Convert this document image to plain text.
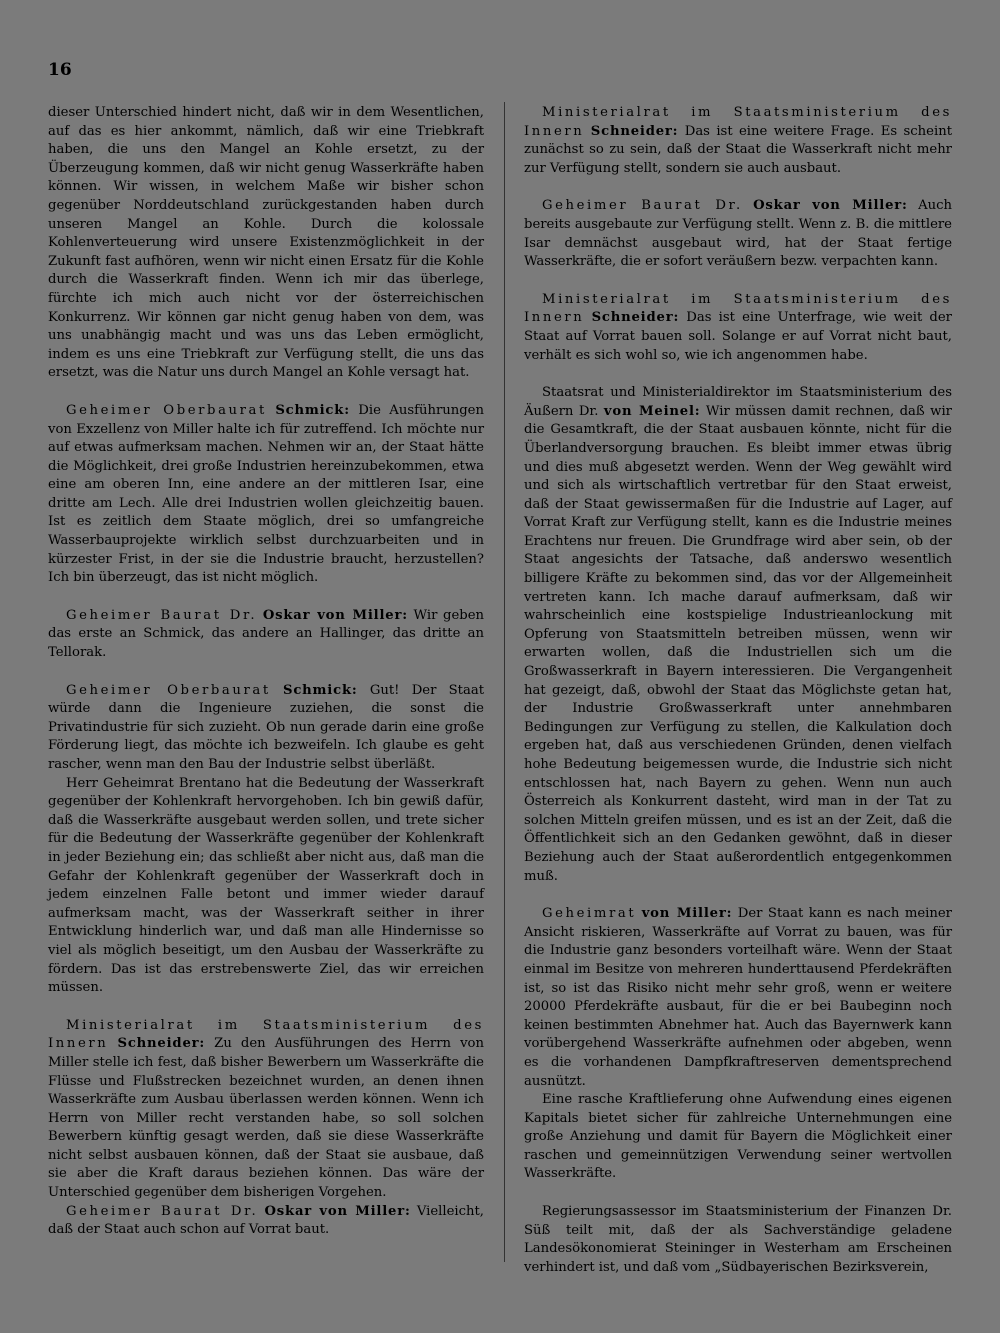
16

dieser Unterschied hindert nicht, daß wir in dem Wesentlichen, auf das es hier ankommt, nämlich, daß wir eine Triebkraft haben, die uns den Mangel an Kohle ersetzt, zu der Überzeugung kommen, daß wir nicht genug Wasserkräfte haben können. Wir wissen, in welchem Maße wir bisher schon gegenüber Norddeutschland zurückgestanden haben durch unseren Mangel an Kohle. Durch die kolossale Kohlenverteuerung wird unsere Existenzmöglichkeit in der Zukunft fast aufhören, wenn wir nicht einen Ersatz für die Kohle durch die Wasserkraft finden. Wenn ich mir das überlege, fürchte ich mich auch nicht vor der österreichischen Konkurrenz. Wir können gar nicht genug haben von dem, was uns unabhängig macht und was uns das Leben ermöglicht, indem es uns eine Triebkraft zur Verfügung stellt, die uns das ersetzt, was die Natur uns durch Mangel an Kohle versagt hat.

Geheimer Oberbaurat Schmick: Die Ausführungen von Exzellenz von Miller halte ich für zutreffend. Ich möchte nur auf etwas aufmerksam machen. Nehmen wir an, der Staat hätte die Möglichkeit, drei große Industrien hereinzubekommen, etwa eine am oberen Inn, eine andere an der mittleren Isar, eine dritte am Lech. Alle drei Industrien wollen gleichzeitig bauen. Ist es zeitlich dem Staate möglich, drei so umfangreiche Wasserbauprojekte wirklich selbst durchzuarbeiten und in kürzester Frist, in der sie die Industrie braucht, herzustellen? Ich bin überzeugt, das ist nicht möglich.

Geheimer Baurat Dr. Oskar von Miller: Wir geben das erste an Schmick, das andere an Hallinger, das dritte an Tellorak.

Geheimer Oberbaurat Schmick: Gut! Der Staat würde dann die Ingenieure zuziehen, die sonst die Privatindustrie für sich zuzieht. Ob nun gerade darin eine große Förderung liegt, das möchte ich bezweifeln. Ich glaube es geht rascher, wenn man den Bau der Industrie selbst überläßt.

Herr Geheimrat Brentano hat die Bedeutung der Wasserkraft gegenüber der Kohlenkraft hervorgehoben. Ich bin gewiß dafür, daß die Wasserkräfte ausgebaut werden sollen, und trete sicher für die Bedeutung der Wasserkräfte gegenüber der Kohlenkraft in jeder Beziehung ein; das schließt aber nicht aus, daß man die Gefahr der Kohlenkraft gegenüber der Wasserkraft doch in jedem einzelnen Falle betont und immer wieder darauf aufmerksam macht, was der Wasserkraft seither in ihrer Entwicklung hinderlich war, und daß man alle Hindernisse so viel als möglich beseitigt, um den Ausbau der Wasserkräfte zu fördern. Das ist das erstrebenswerte Ziel, das wir erreichen müssen.

Ministerialrat im Staatsministerium des Innern Schneider: Zu den Ausführungen des Herrn von Miller stelle ich fest, daß bisher Bewerbern um Wasserkräfte die Flüsse und Flußstrecken bezeichnet wurden, an denen ihnen Wasserkräfte zum Ausbau überlassen werden können. Wenn ich Herrn von Miller recht verstanden habe, so soll solchen Bewerbern künftig gesagt werden, daß sie diese Wasserkräfte nicht selbst ausbauen können, daß der Staat sie ausbaue, daß sie aber die Kraft daraus beziehen können. Das wäre der Unterschied gegenüber dem bisherigen Vorgehen.

Geheimer Baurat Dr. Oskar von Miller: Vielleicht, daß der Staat auch schon auf Vorrat baut.

Ministerialrat im Staatsministerium des Innern Schneider: Das ist eine weitere Frage. Es scheint zunächst so zu sein, daß der Staat die Wasserkraft nicht mehr zur Verfügung stellt, sondern sie auch ausbaut.

Geheimer Baurat Dr. Oskar von Miller: Auch bereits ausgebaute zur Verfügung stellt. Wenn z. B. die mittlere Isar demnächst ausgebaut wird, hat der Staat fertige Wasserkräfte, die er sofort veräußern bezw. verpachten kann.

Ministerialrat im Staatsministerium des Innern Schneider: Das ist eine Unterfrage, wie weit der Staat auf Vorrat bauen soll. Solange er auf Vorrat nicht baut, verhält es sich wohl so, wie ich angenommen habe.

Staatsrat und Ministerialdirektor im Staatsministerium des Äußern Dr. von Meinel: Wir müssen damit rechnen, daß wir die Gesamtkraft, die der Staat ausbauen könnte, nicht für die Überlandversorgung brauchen. Es bleibt immer etwas übrig und dies muß abgesetzt werden. Wenn der Weg gewählt wird und sich als wirtschaftlich vertretbar für den Staat erweist, daß der Staat gewissermaßen für die Industrie auf Lager, auf Vorrat Kraft zur Verfügung stellt, kann es die Industrie meines Erachtens nur freuen. Die Grundfrage wird aber sein, ob der Staat angesichts der Tatsache, daß anderswo wesentlich billigere Kräfte zu bekommen sind, das vor der Allgemeinheit vertreten kann. Ich mache darauf aufmerksam, daß wir wahrscheinlich eine kostspielige Industrieanlockung mit Opferung von Staatsmitteln betreiben müssen, wenn wir erwarten wollen, daß die Industriellen sich um die Großwasserkraft in Bayern interessieren. Die Vergangenheit hat gezeigt, daß, obwohl der Staat das Möglichste getan hat, der Industrie Großwasserkraft unter annehmbaren Bedingungen zur Verfügung zu stellen, die Kalkulation doch ergeben hat, daß aus verschiedenen Gründen, denen vielfach hohe Bedeutung beigemessen wurde, die Industrie sich nicht entschlossen hat, nach Bayern zu gehen. Wenn nun auch Österreich als Konkurrent dasteht, wird man in der Tat zu solchen Mitteln greifen müssen, und es ist an der Zeit, daß die Öffentlichkeit sich an den Gedanken gewöhnt, daß in dieser Beziehung auch der Staat außerordentlich entgegenkommen muß.

Geheimrat von Miller: Der Staat kann es nach meiner Ansicht riskieren, Wasserkräfte auf Vorrat zu bauen, was für die Industrie ganz besonders vorteilhaft wäre. Wenn der Staat einmal im Besitze von mehreren hunderttausend Pferdekräften ist, so ist das Risiko nicht mehr sehr groß, wenn er weitere 20000 Pferdekräfte ausbaut, für die er bei Baubeginn noch keinen bestimmten Abnehmer hat. Auch das Bayernwerk kann vorübergehend Wasserkräfte aufnehmen oder abgeben, wenn es die vorhandenen Dampfkraftreserven dementsprechend ausnützt.

Eine rasche Kraftlieferung ohne Aufwendung eines eigenen Kapitals bietet sicher für zahlreiche Unternehmungen eine große Anziehung und damit für Bayern die Möglichkeit einer raschen und gemeinnützigen Verwendung seiner wertvollen Wasserkräfte.

Regierungsassessor im Staatsministerium der Finanzen Dr. Süß teilt mit, daß der als Sachverständige geladene Landesökonomierat Steininger in Westerham am Erscheinen verhindert ist, und daß vom „Südbayerischen Bezirksverein,
